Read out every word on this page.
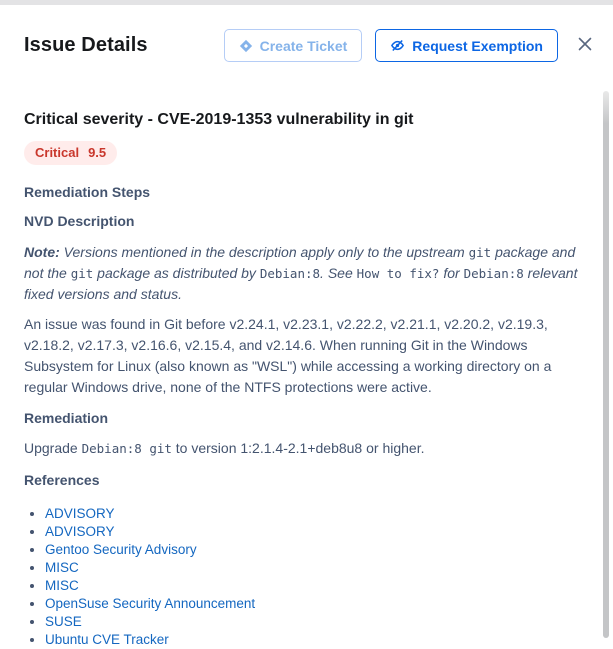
Issue Details	Create Ticket	Request Exemption
Critical severity - CVE-2019-1353 vulnerability in git
Critical 9.5
Remediation Steps
NVD Description

Note: Versions mentioned in the description apply only to the upstream git package and not the git package as distributed by Debian:8. See How to fix? for Debian:8 relevant fixed versions and status.

An issue was found in Git before v2.24.1, v2.23.1, v2.22.2, v2.21.1, v2.20.2, v2.19.3, v2.18.2, v2.17.3, v2.16.6, v2.15.4, and v2.14.6. When running Git in the Windows Subsystem for Linux (also known as "WSL") while accessing a working directory on a regular Windows drive, none of the NTFS protections were active.

Remediation

Upgrade Debian:8 git to version 1:2.1.4-2.1+deb8u8 or higher.

References
• ADVISORY
• ADVISORY
• Gentoo Security Advisory
• MISC
• MISC
• OpenSuse Security Announcement
• SUSE
• Ubuntu CVE Tracker
